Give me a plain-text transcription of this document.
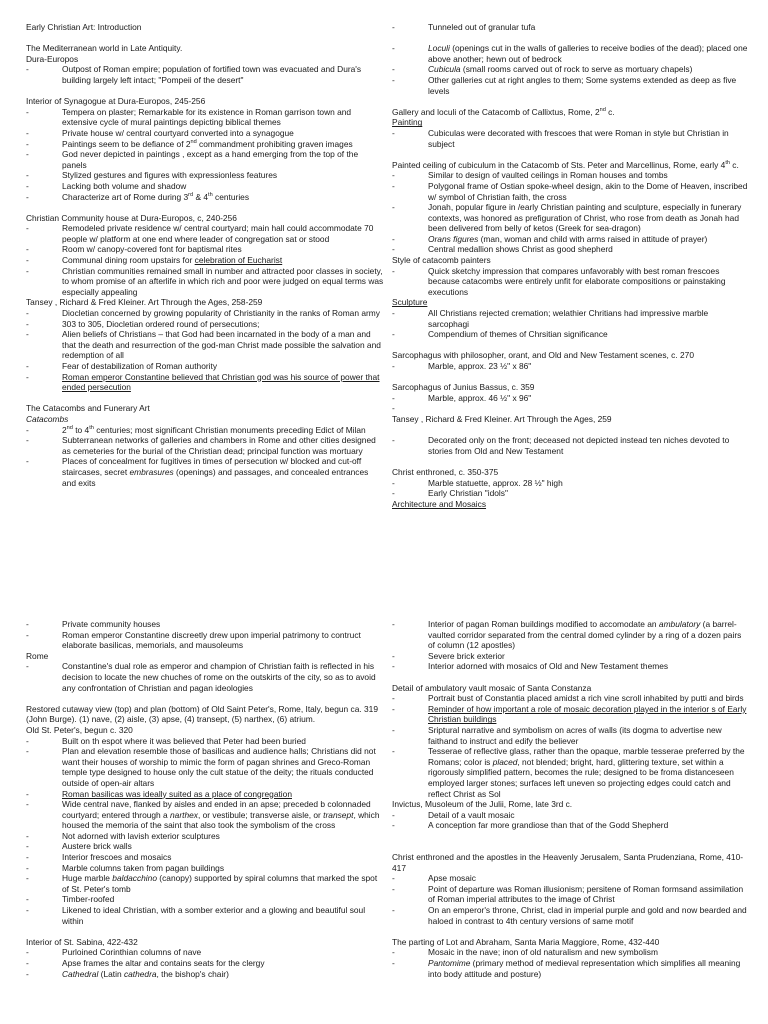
Early Christian Art: Introduction
The Mediterranean world in Late Antiquity.
Dura-Europos
-	Outpost of Roman empire; population of fortified town was evacuated and Dura's building largely left intact; "Pompeii of the desert"
Interior of Synagogue at Dura-Europos, 245-256
-	Tempera on plaster; Remarkable for its existence in Roman garrison town and extensive cycle of mural paintings depicting biblical themes
-	Private house w/ central courtyard converted into a synagogue
-	Paintings seem to be defiance of 2nd commandment prohibiting graven images
-	God never depicted in paintings , except as a hand emerging from the top of the panels
-	Stylized gestures and figures with expressionless features
-	Lacking both volume and shadow
-	Characterize art of Rome during 3rd & 4th centuries
Christian Community house at Dura-Europos, c, 240-256
-	Remodeled private residence w/ central courtyard; main hall could accommodate 70 people w/ platform at one end where leader of congregation sat or stood
-	Room w/ canopy-covered font for baptismal rites
-	Communal dining room upstairs for celebration of Eucharist
-	Christian communities remained small in number and attracted poor classes in society, to whom promise of an afterlife in which rich and poor were judged on equal terms was especially appealing
Tansey , Richard & Fred Kleiner. Art Through the Ages, 258-259
-	Diocletian concerned by growing popularity of Christianity in the ranks of Roman army
-	303 to 305, Diocletian ordered round of persecutions;
-	Alien beliefs of Christians – that God had been incarnated in the body of a man and that the death and resurrection of the god-man Christ made possible the salvation and redemption of all
-	Fear of destabilization of Roman authority
-	Roman emperor Constantine believed that Christian god was his source of power that ended persecution
The Catacombs and Funerary Art
Catacombs
-	2nd to 4th centuries; most significant Christian monuments preceding Edict of Milan
-	Subterranean networks of galleries and chambers in Rome and other cities designed as cemeteries for the burial of the Christian dead; principal function was mortuary
-	Places of concealment for fugitives in times of persecution w/ blocked and cut-off staircases, secret embrasures (openings) and passages, and concealed entrances and exits
-	Tunneled out of granular tufa
-	Loculi (openings cut in the walls of galleries to receive bodies of the dead); placed one above another; hewn out of bedrock
-	Cubicula (small rooms carved out of rock to serve as mortuary chapels)
-	Other galleries cut at right angles to them; Some systems extended as deep as five levels
Gallery and loculi of the Catacomb of Callixtus, Rome, 2nd c.
Painting
-	Cubiculas were decorated with frescoes that were Roman in style but Christian in subject
Painted ceiling of cubiculum in the Catacomb of Sts. Peter and Marcellinus, Rome, early 4th c.
-	Similar to design of vaulted ceilings in Roman houses and tombs
-	Polygonal frame of Ostian spoke-wheel design, akin to the Dome of Heaven, inscribed w/ symbol of Christian faith, the cross
-	Jonah, popular figure in /early Christian painting and sculpture, especially in funerary contexts, was honored as prefiguration of Christ, who rose from death as Jonah had been delivered from belly of ketos (Greek for sea-dragon)
-	Orans figures (man, woman and child with arms raised in attitude of prayer)
-	Central medallion shows Christ as good shepherd
Style of catacomb painters
-	Quick sketchy impression that compares unfavorably with best roman frescoes because catacombs were entirely unfit for elaborate compositions or painstaking executions
Sculpture
-	All Christians rejected cremation; welathier Chritians had impressive marble sarcophagi
-	Compendium of themes of Chrsitian significance
Sarcophagus with philosopher, orant, and Old and New Testament scenes, c. 270
-	Marble, approx. 23 ½" x 86"
Sarcophagus of Junius Bassus, c. 359
-	Marble, approx. 46 ½" x 96"
-
Tansey , Richard & Fred Kleiner. Art Through the Ages, 259
-	Decorated only on the front; deceased not depicted instead ten niches devoted to stories from Old and New Testament
Christ enthroned, c. 350-375
-	Marble statuette, approx. 28 ½" high
-	Early Christian "idols"
Architecture and Mosaics
-	Private community houses
-	Roman emperor Constantine discreetly drew upon imperial patrimony to contruct elaborate basilicas, memorials, and mausoleums
Rome
-	Constantine's dual role as emperor and champion of Christian faith is reflected in his decision to locate the new chuches of rome on the outskirts of the city, so as to avoid any confrontation of Christian and pagan ideologies
Restored cutaway view (top) and plan (bottom) of Old Saint Peter's, Rome, Italy, begun ca. 319 (John Burge). (1) nave, (2) aisle, (3) apse, (4) transept, (5) narthex, (6) atrium.
Old St. Peter's, begun c. 320
-	Built on th espot where it was believed that Peter had been buried
-	Plan and elevation resemble those of basilicas and audience halls; Christians did not want their houses of worship to mimic the form of pagan shrines and Greco-Roman temple type designed to house only the cult statue of the deity; the rituals conducted outside of open-air altars
-	Roman basilicas was ideally suited as a place of congregation
-	Wide central nave, flanked by aisles and ended in an apse; preceded b colonnaded courtyard; entered through a narthex, or vestibule; transverse aisle, or transept, which housed the memoria of the saint that also took the symbolism of the cross
-	Not adorned with lavish exterior sculptures
-	Austere brick walls
-	Interior frescoes and mosaics
-	Marble columns taken from pagan buildings
-	Huge marble baldacchino (canopy) supported by spiral columns that marked the spot of St. Peter's tomb
-	Timber-roofed
-	Likened to ideal Christian, with a somber exterior and a glowing and beautiful soul within
Interior of St. Sabina, 422-432
-	Purloined Corinthian columns of nave
-	Apse frames the altar and contains seats for the clergy
-	Cathedral (Latin cathedra, the bishop's chair)
-	Interior of pagan Roman buildings modified to accomodate an ambulatory (a barrel-vaulted corridor separated from the central domed cylinder by a ring of a dozen pairs of column (12 apostles)
-	Severe brick exterior
-	Interior adorned with mosaics of Old and New Testament themes
Detail of ambulatory vault mosaic of Santa Constanza
-	Portrait bust of Constantia placed amidst a rich vine scroll inhabited by putti and birds
-	Reminder of how important a role of mosaic decoration played in the interior s of Early Christian buildings
-	Sriptural narrative and symbolism on acres of walls (its dogma to advertise new faithand to instruct and edify the believer
-	Tesserae of reflective glass, rather than the opaque, marble tesserae preferred by the Romans; color is placed, not blended; bright, hard, glittering texture, set within a rigorously simplified pattern, becomes the rule; designed to be froma distanceseen employed larger stones; surfaces left uneven so projecting edges could catch and reflect Christ as Sol
Invictus, Musoleum of the Julii, Rome, late 3rd c.
-	Detail of a vault mosaic
-	A conception far more grandiose than that of the Godd Shepherd
Christ enthroned and the apostles in the Heavenly Jerusalem, Santa Prudenziana, Rome, 410-417
-	Apse mosaic
-	Point of departure was Roman illusionism; persitene of Roman formsand assimilation of Roman imperial attributes to the image of Christ
-	On an emperor's throne, Christ, clad in imperial purple and gold and now bearded and haloed in contrast to 4th century versions of same motif
The parting of Lot and Abraham, Santa Maria Maggiore, Rome, 432-440
-	Mosaic in the nave; inon of old naturalism and new symbolism
-	Pantomime (primary method of medieval representation which simplifies all meaning into body attitude and posture)
